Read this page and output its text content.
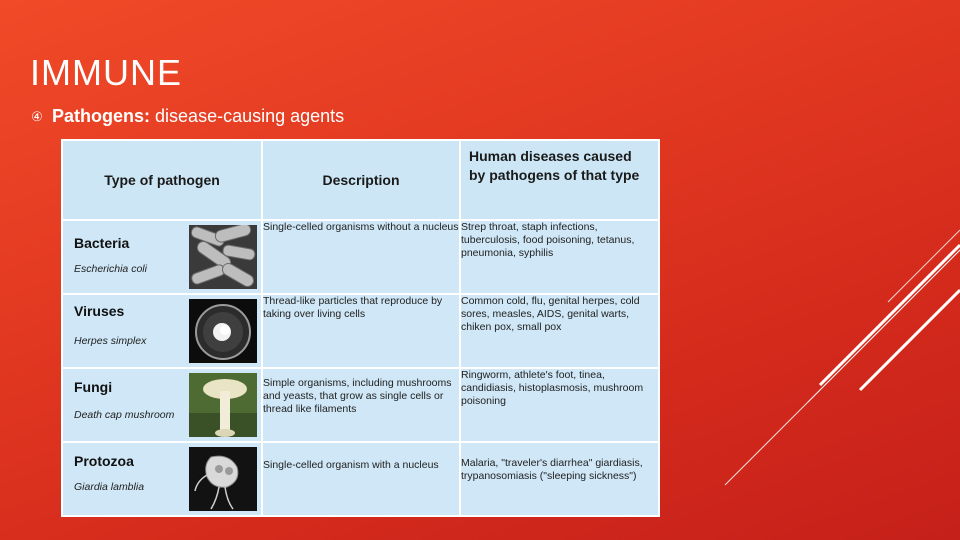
IMMUNE
④ Pathogens: disease-causing agents
Type of pathogen	Description	Human diseases caused by pathogens of that type

Bacteria
Escherichia coli	Single-celled organisms without a nucleus	Strep throat, staph infections, tuberculosis, food poisoning, tetanus, pneumonia, syphilis

Viruses
Herpes simplex	Thread-like particles that reproduce by taking over living cells	Common cold, flu, genital herpes, cold sores, measles, AIDS, genital warts, chiken pox, small pox

Fungi
Death cap mushroom	Simple organisms, including mushrooms and yeasts, that grow as single cells or thread like filaments	Ringworm, athlete's foot, tinea, candidiasis, histoplasmosis, mushroom poisoning

Protozoa
Giardia lamblia	Single-celled organism with a nucleus	Malaria, "traveler's diarrhea" giardiasis, trypanosomiasis ("sleeping sickness")
